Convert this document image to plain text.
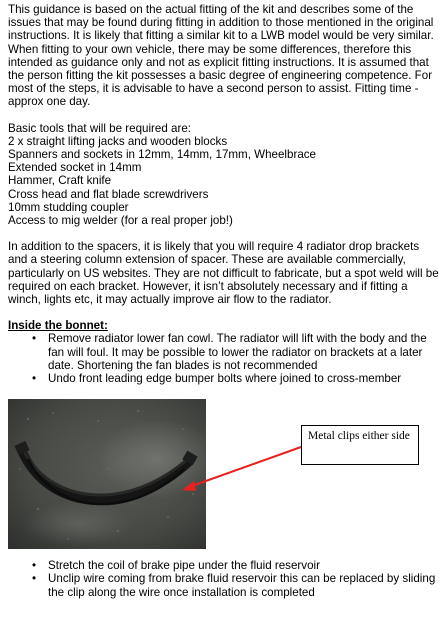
This guidance is based on the actual fitting of the kit and describes some of the issues that may be found during fitting in addition to those mentioned in the original instructions. It is likely that fitting a similar kit to a LWB model would be very similar. When fitting to your own vehicle, there may be some differences, therefore this intended as guidance only and not as explicit fitting instructions. It is assumed that the person fitting the kit possesses a basic degree of engineering competence. For most of the steps, it is advisable to have a second person to assist. Fitting time - approx one day.

Basic tools that will be required are:
2 x straight lifting jacks and wooden blocks
Spanners and sockets in 12mm, 14mm, 17mm, Wheelbrace
Extended socket in 14mm
Hammer, Craft knife
Cross head and flat blade screwdrivers
10mm studding coupler
Access to mig welder (for a real proper job!)

In addition to the spacers, it is likely that you will require 4 radiator drop brackets and a steering column extension of spacer. These are available commercially, particularly on US websites. They are not difficult to fabricate, but a spot weld will be required on each bracket. However, it isn’t absolutely necessary and if fitting a winch, lights etc, it may actually improve air flow to the radiator.

Inside the bonnet:
• Remove radiator lower fan cowl. The radiator will lift with the body and the fan will foul. It may be possible to lower the radiator on brackets at a later date. Shortening the fan blades is not recommended
• Undo front leading edge bumper bolts where joined to cross-member
Metal clips either side
• Stretch the coil of brake pipe under the fluid reservoir
• Unclip wire coming from brake fluid reservoir this can be replaced by sliding the clip along the wire once installation is completed
